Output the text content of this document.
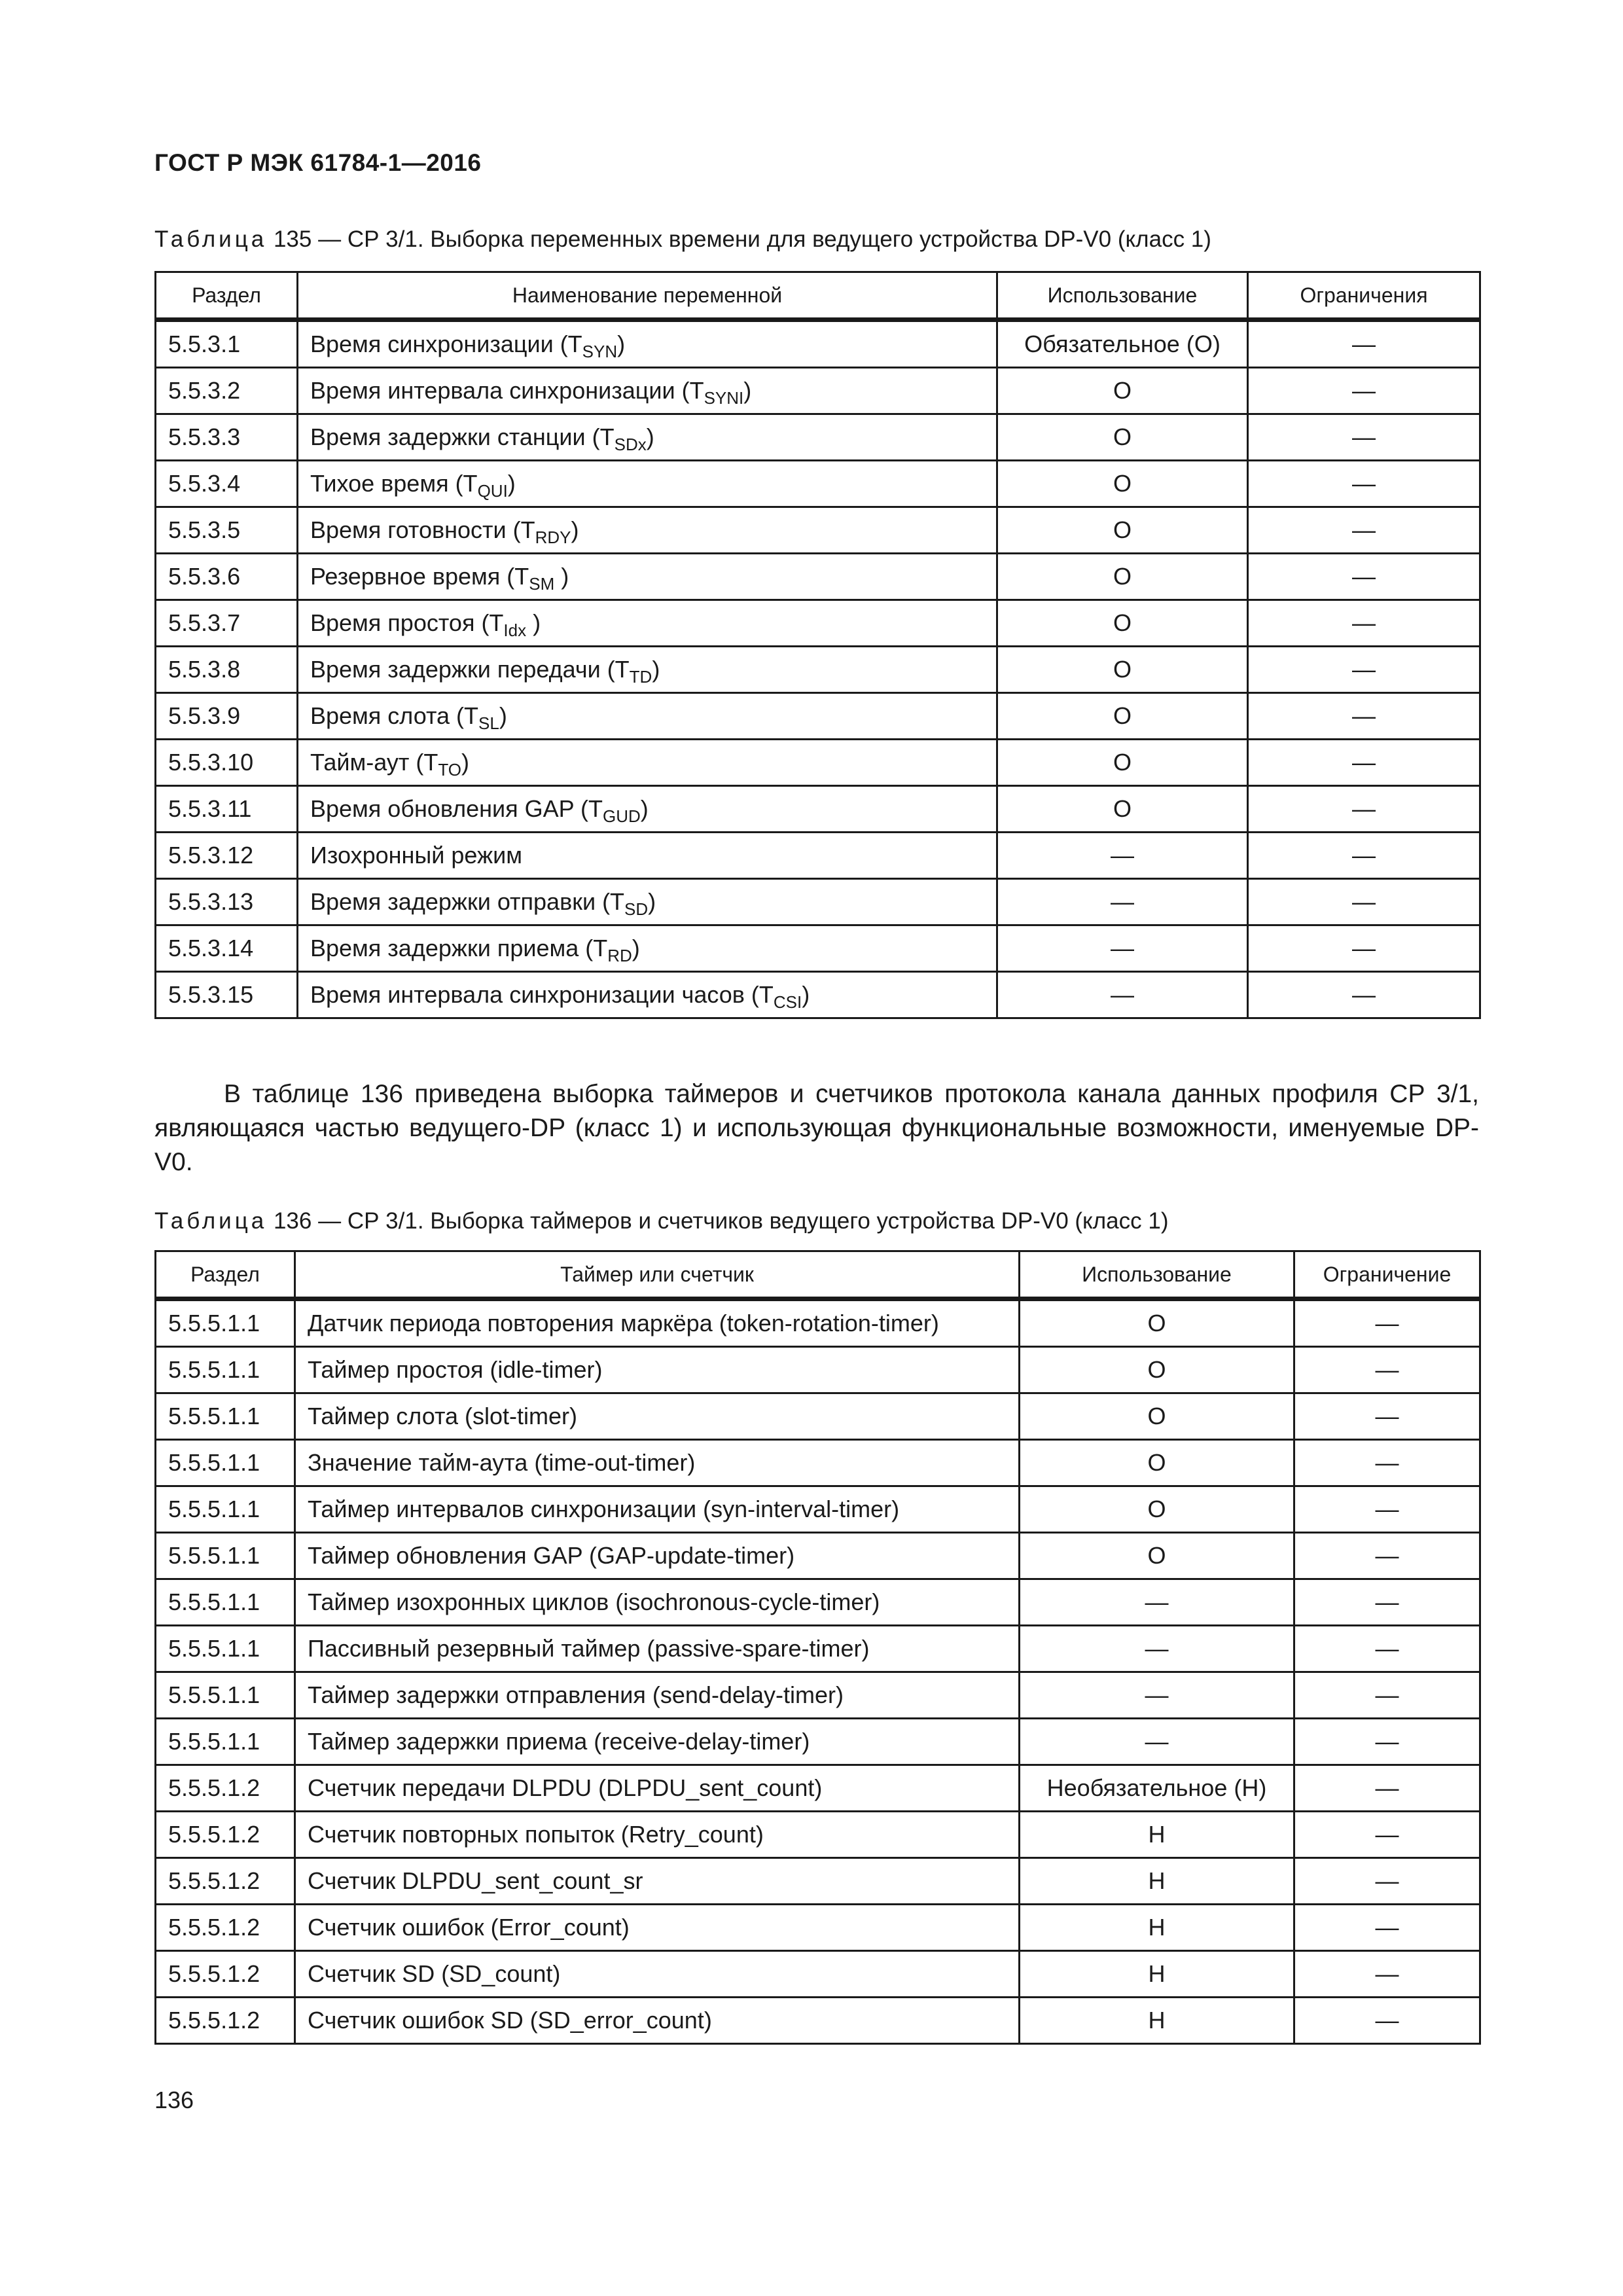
ГОСТ Р МЭК 61784-1—2016
Таблица 135 — СР 3/1. Выборка переменных времени для ведущего устройства DP-V0 (класс 1)
Раздел	Наименование переменной	Использование	Ограничения
5.5.3.1	Время синхронизации $(T_{SYN})$	Обязательное (О)	—
5.5.3.2	Время интервала синхронизации $(T_{SYNI})$	О	—
5.5.3.3	Время задержки станции $(T_{SDx})$	О	—
5.5.3.4	Тихое время $(T_{QUI})$	О	—
5.5.3.5	Время готовности $(T_{RDY})$	О	—
5.5.3.6	Резервное время ($T_{SM}$ )	О	—
5.5.3.7	Время простоя ($T_{Idx}$ )	О	—
5.5.3.8	Время задержки передачи $(T_{TD})$	О	—
5.5.3.9	Время слота $(T_{SL})$	О	—
5.5.3.10	Тайм-аут $(T_{TO})$	О	—
5.5.3.11	Время обновления GAP $(T_{GUD})$	О	—
5.5.3.12	Изохронный режим	—	—
5.5.3.13	Время задержки отправки $(T_{SD})$	—	—
5.5.3.14	Время задержки приема $(T_{RD})$	—	—
5.5.3.15	Время интервала синхронизации часов $(T_{CSI})$	—	—

В таблице 136 приведена выборка таймеров и счетчиков протокола канала данных профиля СР 3/1, являющаяся частью ведущего-DP (класс 1) и использующая функциональные возможности, именуемые DP-V0.

Таблица 136 — СР 3/1. Выборка таймеров и счетчиков ведущего устройства DP-V0 (класс 1)
Раздел	Таймер или счетчик	Использование	Ограничение
5.5.5.1.1	Датчик периода повторения маркёра (token-rotation-timer)	О	—
5.5.5.1.1	Таймер простоя (idle-timer)	О	—
5.5.5.1.1	Таймер слота (slot-timer)	О	—
5.5.5.1.1	Значение тайм-аута (time-out-timer)	О	—
5.5.5.1.1	Таймер интервалов синхронизации (syn-interval-timer)	О	—
5.5.5.1.1	Таймер обновления GAP (GAP-update-timer)	О	—
5.5.5.1.1	Таймер изохронных циклов (isochronous-cycle-timer)	—	—
5.5.5.1.1	Пассивный резервный таймер (passive-spare-timer)	—	—
5.5.5.1.1	Таймер задержки отправления (send-delay-timer)	—	—
5.5.5.1.1	Таймер задержки приема (receive-delay-timer)	—	—
5.5.5.1.2	Счетчик передачи DLPDU (DLPDU_sent_count)	Необязательное (Н)	—
5.5.5.1.2	Счетчик повторных попыток (Retry_count)	Н	—
5.5.5.1.2	Счетчик DLPDU_sent_count_sr	Н	—
5.5.5.1.2	Счетчик ошибок (Error_count)	Н	—
5.5.5.1.2	Счетчик SD (SD_count)	Н	—
5.5.5.1.2	Счетчик ошибок SD (SD_error_count)	Н	—
136
